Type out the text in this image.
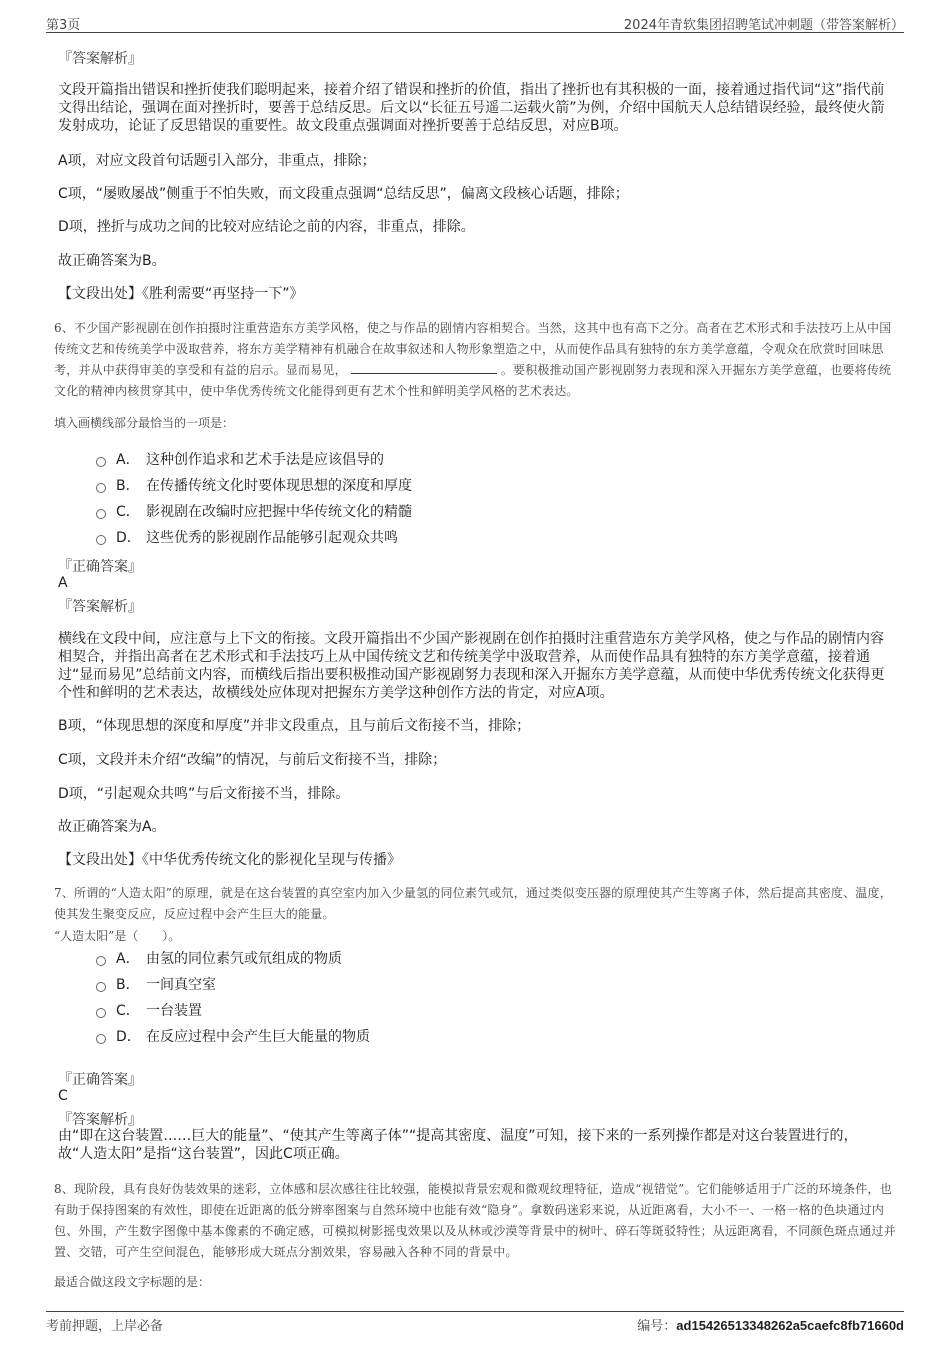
第3页	2024年青软集团招聘笔试冲刺题（带答案解析）
『答案解析』
文段开篇指出错误和挫折使我们聪明起来，接着介绍了错误和挫折的价值，指出了挫折也有其积极的一面，接着通过指代词“这”指代前文得出结论，强调在面对挫折时，要善于总结反思。后文以“长征五号遥二运载火箭”为例，介绍中国航天人总结错误经验，最终使火箭发射成功，论证了反思错误的重要性。故文段重点强调面对挫折要善于总结反思，对应B项。
A项，对应文段首句话题引入部分，非重点，排除；
C项，“屡败屡战”侧重于不怕失败，而文段重点强调“总结反思”，偏离文段核心话题，排除；
D项，挫折与成功之间的比较对应结论之前的内容，非重点，排除。
故正确答案为B。
【文段出处】《胜利需要“再坚持一下”》
6、不少国产影视剧在创作拍摄时注重营造东方美学风格，使之与作品的剧情内容相契合。当然，这其中也有高下之分。高者在艺术形式和手法技巧上从中国传统文艺和传统美学中汲取营养，将东方美学精神有机融合在故事叙述和人物形象塑造之中，从而使作品具有独特的东方美学意蕴，令观众在欣赏时回味思考，并从中获得审美的享受和有益的启示。显而易见，	。要积极推动国产影视剧努力表现和深入开掘东方美学意蕴，也要将传统文化的精神内核贯穿其中，使中华优秀传统文化能得到更有艺术个性和鲜明美学风格的艺术表达。
填入画横线部分最恰当的一项是：
A． 这种创作追求和艺术手法是应该倡导的
B． 在传播传统文化时要体现思想的深度和厚度
C． 影视剧在改编时应把握中华传统文化的精髓
D． 这些优秀的影视剧作品能够引起观众共鸣
『正确答案』
A
『答案解析』
横线在文段中间，应注意与上下文的衔接。文段开篇指出不少国产影视剧在创作拍摄时注重营造东方美学风格，使之与作品的剧情内容相契合，并指出高者在艺术形式和手法技巧上从中国传统文艺和传统美学中汲取营养，从而使作品具有独特的东方美学意蕴，接着通过“显而易见”总结前文内容，而横线后指出要积极推动国产影视剧努力表现和深入开掘东方美学意蕴，从而使中华优秀传统文化获得更个性和鲜明的艺术表达，故横线处应体现对把握东方美学这种创作方法的肯定，对应A项。
B项，“体现思想的深度和厚度”并非文段重点，且与前后文衔接不当，排除；
C项，文段并未介绍“改编”的情况，与前后文衔接不当，排除；
D项，“引起观众共鸣”与后文衔接不当，排除。
故正确答案为A。
【文段出处】《中华优秀传统文化的影视化呈现与传播》
7、所谓的“人造太阳”的原理，就是在这台装置的真空室内加入少量氢的同位素氕或氘，通过类似变压器的原理使其产生等离子体，然后提高其密度、温度，使其发生聚变反应，反应过程中会产生巨大的能量。
“人造太阳”是（　　）。
A． 由氢的同位素氕或氘组成的物质
B． 一间真空室
C． 一台装置
D． 在反应过程中会产生巨大能量的物质
『正确答案』
C
『答案解析』
由“即在这台装置……巨大的能量”、“使其产生等离子体”“提高其密度、温度”可知，接下来的一系列操作都是对这台装置进行的，故“人造太阳”是指“这台装置”，因此C项正确。
8、现阶段，具有良好伪装效果的迷彩，立体感和层次感往往比较强，能模拟背景宏观和微观纹理特征，造成“视错觉”。它们能够适用于广泛的环境条件，也有助于保持图案的有效性，即使在近距离的低分辨率图案与自然环境中也能有效“隐身”。拿数码迷彩来说，从近距离看，大小不一、一格一格的色块通过内包、外围，产生数字图像中基本像素的不确定感，可模拟树影摇曳效果以及从林或沙漠等背景中的树叶、碎石等斑驳特性；从远距离看，不同颜色斑点通过并置、交错，可产生空间混色，能够形成大斑点分割效果，容易融入各种不同的背景中。
最适合做这段文字标题的是：
考前押题，上岸必备	编号：ad15426513348262a5caefc8fb71660d
